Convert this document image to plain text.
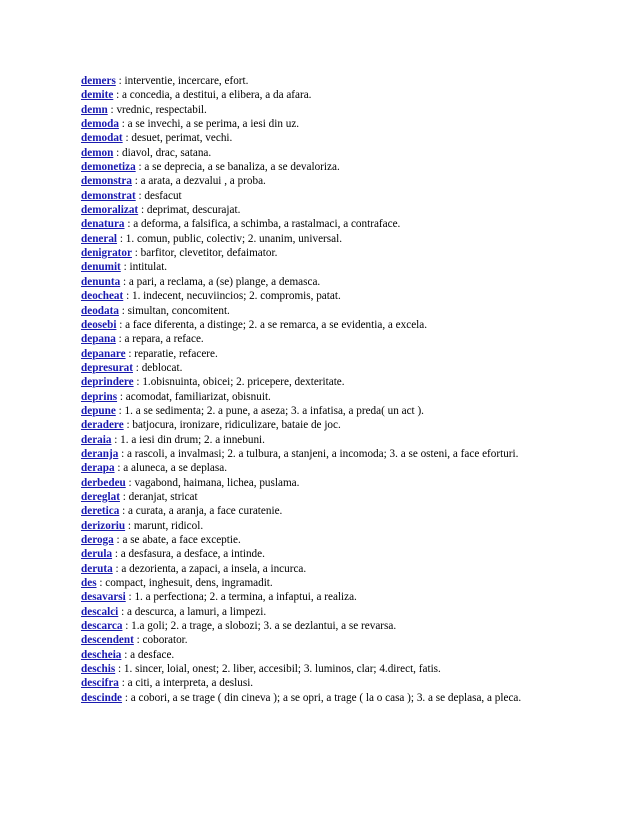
demers : interventie, incercare, efort.

demite : a concedia, a destitui, a elibera, a da afara.

demn : vrednic, respectabil.

demoda : a se invechi, a se perima, a iesi din uz.

demodat : desuet, perimat, vechi.

demon : diavol, drac, satana.

demonetiza : a se deprecia, a se banaliza, a se devaloriza.

demonstra : a arata, a dezvalui , a proba.

demonstrat : desfacut

demoralizat : deprimat, descurajat.

denatura : a deforma, a falsifica, a schimba, a rastalmaci, a contraface.

deneral : 1. comun, public, colectiv; 2. unanim, universal.

denigrator : barfitor, clevetitor, defaimator.

denumit : intitulat.

denunta : a pari, a reclama, a (se) plange, a demasca.

deocheat : 1. indecent, necuviincios; 2. compromis, patat.

deodata : simultan, concomitent.

deosebi : a face diferenta, a distinge; 2. a se remarca, a se evidentia, a excela.

depana : a repara, a reface.

depanare : reparatie, refacere.

depresurat : deblocat.

deprindere : 1.obisnuinta, obicei; 2. pricepere, dexteritate.

deprins : acomodat, familiarizat, obisnuit.

depune : 1. a se sedimenta; 2. a pune, a aseza; 3. a infatisa, a preda( un act ).

deradere : batjocura, ironizare, ridiculizare, bataie de joc.

deraia : 1. a iesi din drum; 2. a innebuni.

deranja : a rascoli, a invalmasi; 2. a tulbura, a stanjeni, a incomoda; 3. a se osteni, a face eforturi.

derapa : a aluneca, a se deplasa.

derbedeu : vagabond, haimana, lichea, puslama.

dereglat : deranjat, stricat

deretica : a curata, a aranja, a face curatenie.

derizoriu : marunt, ridicol.

deroga : a se abate, a face exceptie.

derula : a desfasura, a desface, a intinde.

deruta : a dezorienta, a zapaci, a insela, a incurca.

des : compact, inghesuit, dens, ingramadit.

desavarsi : 1. a perfectiona; 2. a termina, a infaptui, a realiza.

descalci : a descurca, a lamuri, a limpezi.

descarca : 1.a goli; 2. a trage, a slobozi; 3. a se dezlantui, a se revarsa.

descendent : coborator.

descheia : a desface.

deschis : 1. sincer, loial, onest; 2. liber, accesibil; 3. luminos, clar; 4.direct, fatis.

descifra : a citi, a interpreta, a deslusi.

descinde : a cobori, a se trage ( din cineva ); a se opri, a trage ( la o casa ); 3. a se deplasa, a pleca.
